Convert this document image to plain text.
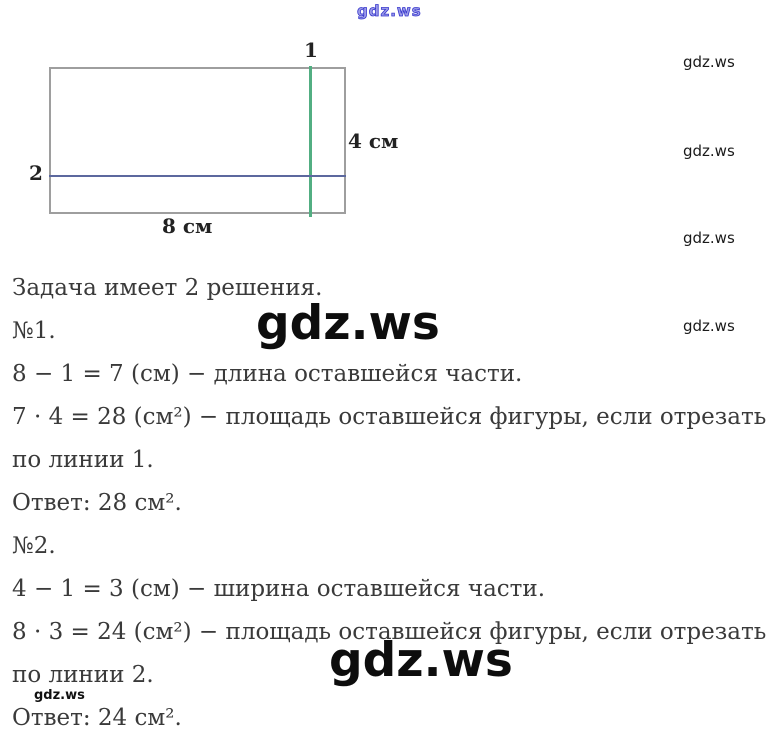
gdz.ws
1
2
4 см
8 см
gdz.ws
gdz.ws
gdz.ws
gdz.ws
Задача имеет 2 решения.
№1.
8 − 1 = 7 (см) − длина оставшейся части.
7 · 4 = 28 (см²) − площадь оставшейся фигуры, если отрезать
по линии 1.
Ответ: 28 см².
№2.
4 − 1 = 3 (см) − ширина оставшейся части.
8 · 3 = 24 (см²) − площадь оставшейся фигуры, если отрезать
по линии 2.
Ответ: 24 см².
gdz.ws
gdz.ws
gdz.ws
